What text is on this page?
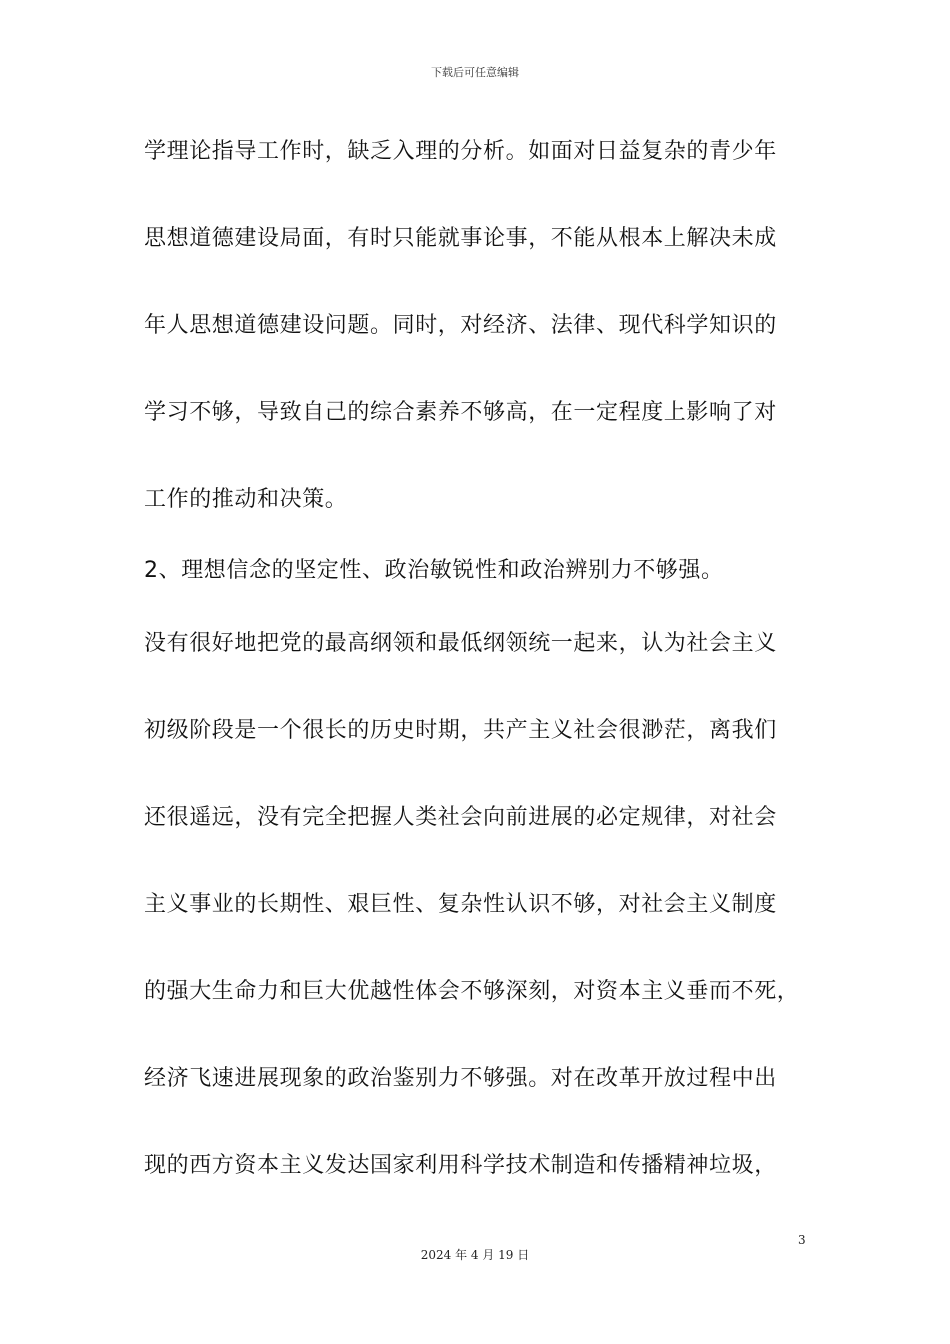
下载后可任意编辑
学理论指导工作时，缺乏入理的分析。如面对日益复杂的青少年
思想道德建设局面，有时只能就事论事，不能从根本上解决未成
年人思想道德建设问题。同时，对经济、法律、现代科学知识的
学习不够，导致自己的综合素养不够高，在一定程度上影响了对
工作的推动和决策。
2、理想信念的坚定性、政治敏锐性和政治辨别力不够强。
没有很好地把党的最高纲领和最低纲领统一起来，认为社会主义
初级阶段是一个很长的历史时期，共产主义社会很渺茫，离我们
还很遥远，没有完全把握人类社会向前进展的必定规律，对社会
主义事业的长期性、艰巨性、复杂性认识不够，对社会主义制度
的强大生命力和巨大优越性体会不够深刻，对资本主义垂而不死，
经济飞速进展现象的政治鉴别力不够强。对在改革开放过程中出
现的西方资本主义发达国家利用科学技术制造和传播精神垃圾，
3
2024 年 4 月 19 日
